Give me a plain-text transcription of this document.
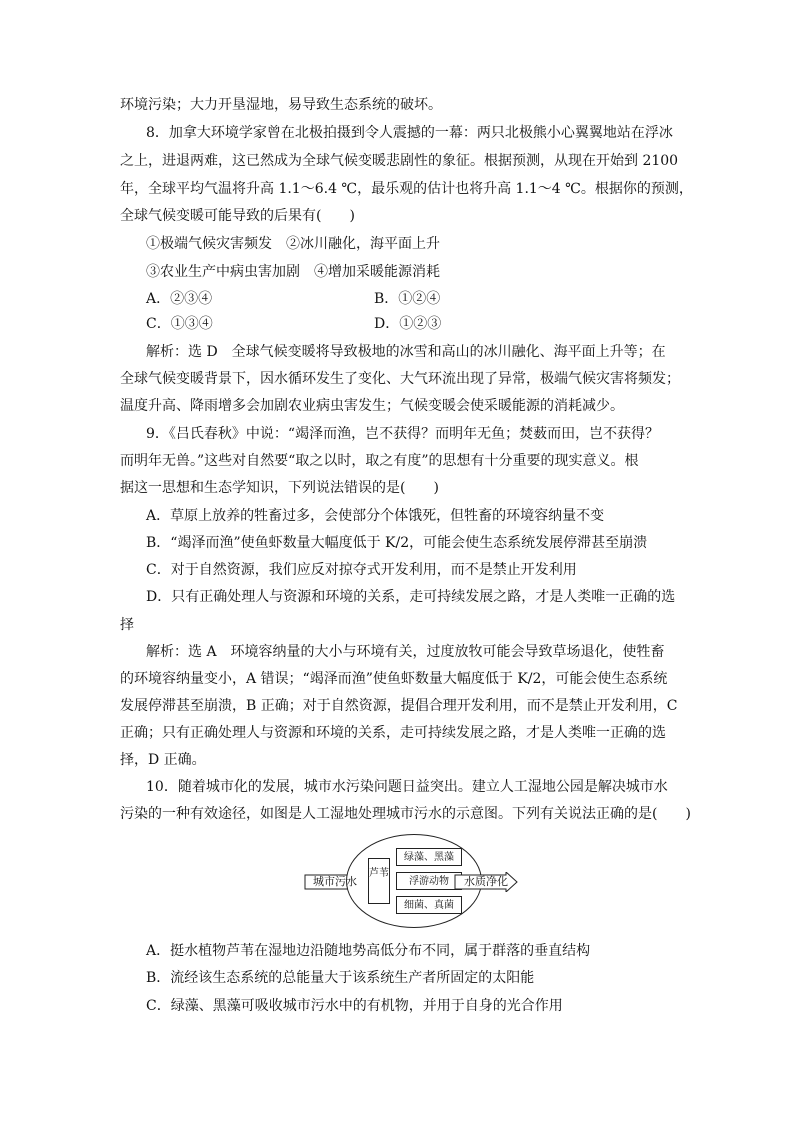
环境污染；大力开垦湿地，易导致生态系统的破坏。
8．加拿大环境学家曾在北极拍摄到令人震撼的一幕：两只北极熊小心翼翼地站在浮冰
之上，进退两难，这已然成为全球气候变暖悲剧性的象征。根据预测，从现在开始到 2100
年，全球平均气温将升高 1.1～6.4 ℃，最乐观的估计也将升高 1.1～4 ℃。根据你的预测，
全球气候变暖可能导致的后果有(　　)
①极端气候灾害频发　②冰川融化，海平面上升
③农业生产中病虫害加剧　④增加采暖能源消耗
A．②③④	B．①②④
C．①③④	D．①②③
解析：选 D　全球气候变暖将导致极地的冰雪和高山的冰川融化、海平面上升等；在
全球气候变暖背景下，因水循环发生了变化、大气环流出现了异常，极端气候灾害将频发；
温度升高、降雨增多会加剧农业病虫害发生；气候变暖会使采暖能源的消耗减少。
9．《吕氏春秋》中说：“竭泽而渔，岂不获得？而明年无鱼；焚薮而田，岂不获得？
而明年无兽。”这些对自然要“取之以时，取之有度”的思想有十分重要的现实意义。根
据这一思想和生态学知识，下列说法错误的是(　　)
A．草原上放养的牲畜过多，会使部分个体饿死，但牲畜的环境容纳量不变
B．“竭泽而渔”使鱼虾数量大幅度低于 K/2，可能会使生态系统发展停滞甚至崩溃
C．对于自然资源，我们应反对掠夺式开发利用，而不是禁止开发利用
D．只有正确处理人与资源和环境的关系，走可持续发展之路，才是人类唯一正确的选
择
解析：选 A　环境容纳量的大小与环境有关，过度放牧可能会导致草场退化，使牲畜
的环境容纳量变小，A 错误；“竭泽而渔”使鱼虾数量大幅度低于 K/2，可能会使生态系统
发展停滞甚至崩溃，B 正确；对于自然资源，提倡合理开发利用，而不是禁止开发利用，C
正确；只有正确处理人与资源和环境的关系，走可持续发展之路，才是人类唯一正确的选
择，D 正确。
10．随着城市化的发展，城市水污染问题日益突出。建立人工湿地公园是解决城市水
污染的一种有效途径，如图是人工湿地处理城市污水的示意图。下列有关说法正确的是(　　)
城市污水
芦苇
绿藻、黑藻
浮游动物
细菌、真菌
水质净化
A．挺水植物芦苇在湿地边沿随地势高低分布不同，属于群落的垂直结构
B．流经该生态系统的总能量大于该系统生产者所固定的太阳能
C．绿藻、黑藻可吸收城市污水中的有机物，并用于自身的光合作用
